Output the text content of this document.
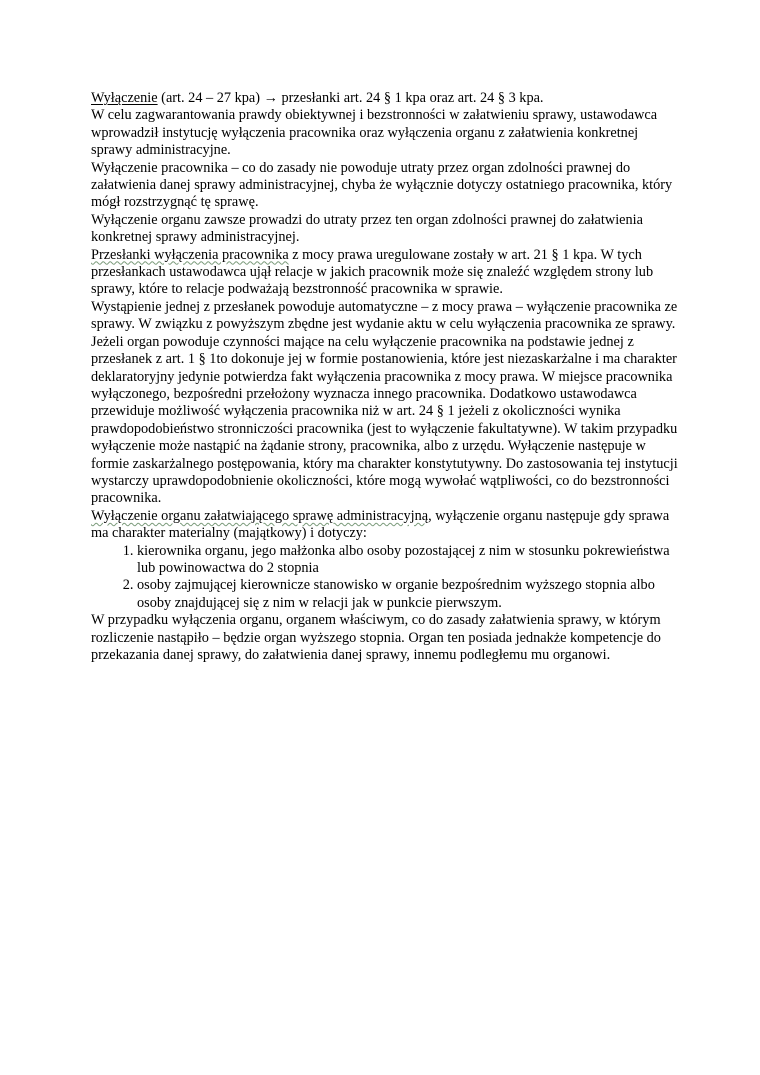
Wyłączenie (art. 24 – 27 kpa) → przesłanki art. 24 § 1 kpa oraz art. 24 § 3 kpa.

W celu zagwarantowania prawdy obiektywnej i bezstronności w załatwieniu sprawy, ustawodawca wprowadził instytucję wyłączenia pracownika oraz wyłączenia organu z załatwienia konkretnej sprawy administracyjne.

Wyłączenie pracownika – co do zasady nie powoduje utraty przez organ zdolności prawnej do załatwienia danej sprawy administracyjnej, chyba że wyłącznie dotyczy ostatniego pracownika, który mógł rozstrzygnąć tę sprawę.

Wyłączenie organu zawsze prowadzi do utraty przez ten organ zdolności prawnej do załatwienia konkretnej sprawy administracyjnej.

Przesłanki wyłączenia pracownika z mocy prawa uregulowane zostały w art. 21 § 1 kpa. W tych przesłankach ustawodawca ujął relacje w jakich pracownik może się znaleźć względem strony lub sprawy, które to relacje podważają bezstronność pracownika w sprawie.

Wystąpienie jednej z przesłanek powoduje automatyczne – z mocy prawa – wyłączenie pracownika ze sprawy. W związku z powyższym zbędne jest wydanie aktu w celu wyłączenia pracownika ze sprawy. Jeżeli organ powoduje czynności mające na celu wyłączenie pracownika na podstawie jednej z przesłanek z art. 1 § 1to dokonuje jej w formie postanowienia, które jest niezaskarżalne i ma charakter deklaratoryjny jedynie potwierdza fakt wyłączenia pracownika z mocy prawa. W miejsce pracownika wyłączonego, bezpośredni przełożony wyznacza innego pracownika. Dodatkowo ustawodawca przewiduje możliwość wyłączenia pracownika niż w art. 24 § 1 jeżeli z okoliczności wynika prawdopodobieństwo stronniczości pracownika (jest to wyłączenie fakultatywne). W takim przypadku wyłączenie może nastąpić na żądanie strony, pracownika, albo z urzędu. Wyłączenie następuje w formie zaskarżalnego postępowania, który ma charakter konstytutywny. Do zastosowania tej instytucji wystarczy uprawdopodobnienie okoliczności, które mogą wywołać wątpliwości, co do bezstronności pracownika.

Wyłączenie organu załatwiającego sprawę administracyjną, wyłączenie organu następuje gdy sprawa ma charakter materialny (majątkowy) i dotyczy:

1. kierownika organu, jego małżonka albo osoby pozostającej z nim w stosunku pokrewieństwa lub powinowactwa do 2 stopnia
2. osoby zajmującej kierownicze stanowisko w organie bezpośrednim wyższego stopnia albo osoby znajdującej się z nim w relacji jak w punkcie pierwszym.

W przypadku wyłączenia organu, organem właściwym, co do zasady załatwienia sprawy, w którym rozliczenie nastąpiło – będzie organ wyższego stopnia. Organ ten posiada jednakże kompetencje do przekazania danej sprawy, do załatwienia danej sprawy, innemu podległemu mu organowi.
